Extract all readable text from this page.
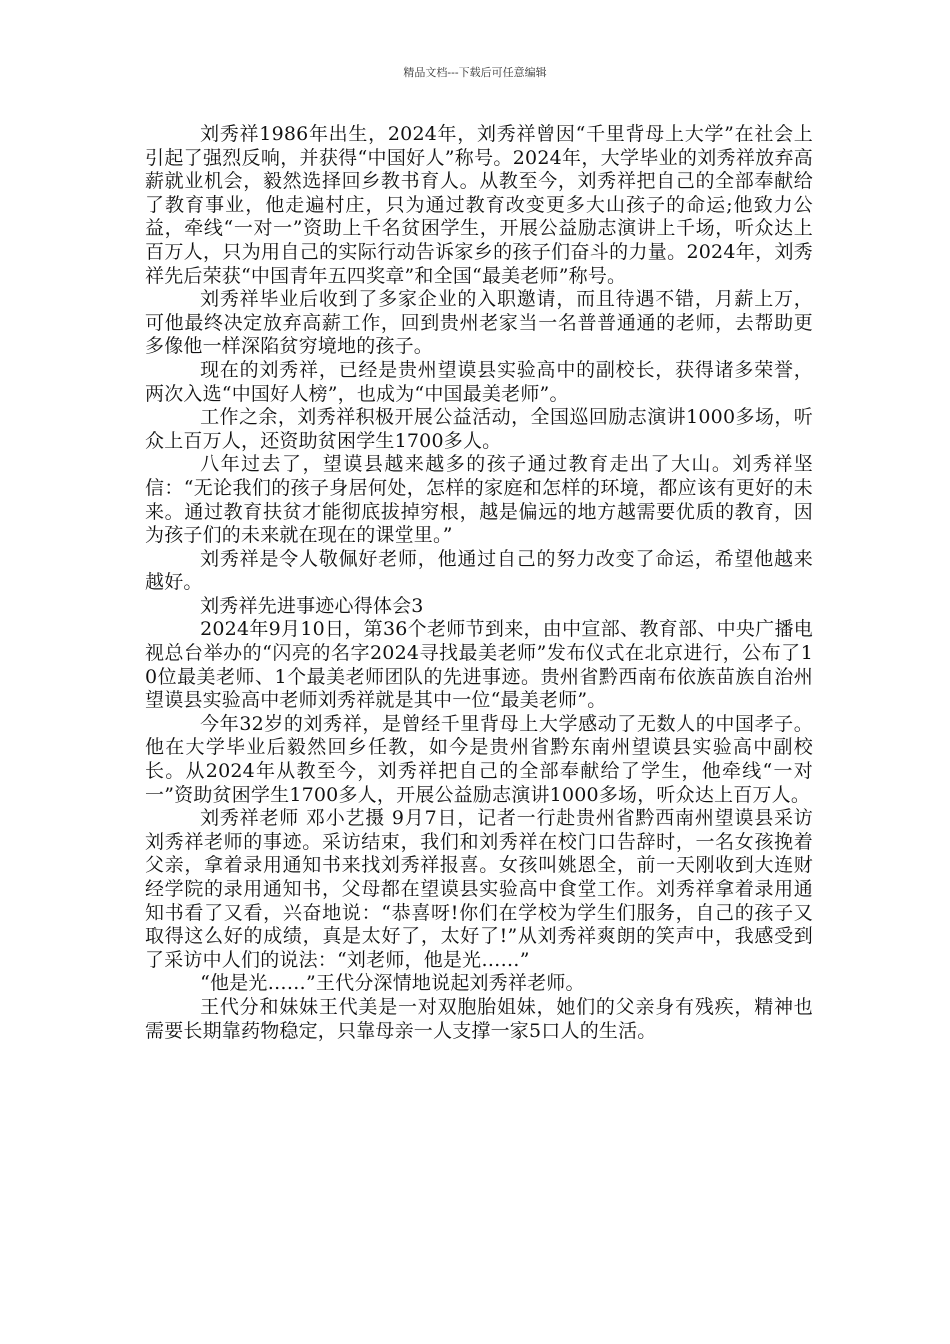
精品文档---下载后可任意编辑

刘秀祥1986年出生，2024年，刘秀祥曾因“千里背母上大学”在社会上引起了强烈反响，并获得“中国好人”称号。2024年，大学毕业的刘秀祥放弃高薪就业机会，毅然选择回乡教书育人。从教至今，刘秀祥把自己的全部奉献给了教育事业，他走遍村庄，只为通过教育改变更多大山孩子的命运;他致力公益，牵线“一对一”资助上千名贫困学生，开展公益励志演讲上千场，听众达上百万人，只为用自己的实际行动告诉家乡的孩子们奋斗的力量。2024年，刘秀祥先后荣获“中国青年五四奖章”和全国“最美老师”称号。

刘秀祥毕业后收到了多家企业的入职邀请，而且待遇不错，月薪上万，可他最终决定放弃高薪工作，回到贵州老家当一名普普通通的老师，去帮助更多像他一样深陷贫穷境地的孩子。

现在的刘秀祥，已经是贵州望谟县实验高中的副校长，获得诸多荣誉，两次入选“中国好人榜”，也成为“中国最美老师”。

工作之余，刘秀祥积极开展公益活动，全国巡回励志演讲1000多场，听众上百万人，还资助贫困学生1700多人。

八年过去了，望谟县越来越多的孩子通过教育走出了大山。刘秀祥坚信：“无论我们的孩子身居何处，怎样的家庭和怎样的环境，都应该有更好的未来。通过教育扶贫才能彻底拔掉穷根，越是偏远的地方越需要优质的教育，因为孩子们的未来就在现在的课堂里。”

刘秀祥是令人敬佩好老师，他通过自己的努力改变了命运，希望他越来越好。

刘秀祥先进事迹心得体会3

2024年9月10日，第36个老师节到来，由中宣部、教育部、中央广播电视总台举办的“闪亮的名字2024寻找最美老师”发布仪式在北京进行，公布了10位最美老师、1个最美老师团队的先进事迹。贵州省黔西南布依族苗族自治州望谟县实验高中老师刘秀祥就是其中一位“最美老师”。

今年32岁的刘秀祥，是曾经千里背母上大学感动了无数人的中国孝子。他在大学毕业后毅然回乡任教，如今是贵州省黔东南州望谟县实验高中副校长。从2024年从教至今，刘秀祥把自己的全部奉献给了学生，他牵线“一对一”资助贫困学生1700多人，开展公益励志演讲1000多场，听众达上百万人。

刘秀祥老师 邓小艺摄 9月7日，记者一行赴贵州省黔西南州望谟县采访刘秀祥老师的事迹。采访结束，我们和刘秀祥在校门口告辞时，一名女孩挽着父亲，拿着录用通知书来找刘秀祥报喜。女孩叫姚恩全，前一天刚收到大连财经学院的录用通知书，父母都在望谟县实验高中食堂工作。刘秀祥拿着录用通知书看了又看，兴奋地说：“恭喜呀!你们在学校为学生们服务，自己的孩子又取得这么好的成绩，真是太好了，太好了!”从刘秀祥爽朗的笑声中，我感受到了采访中人们的说法：“刘老师，他是光……”

“他是光……”王代分深情地说起刘秀祥老师。

王代分和妹妹王代美是一对双胞胎姐妹，她们的父亲身有残疾，精神也需要长期靠药物稳定，只靠母亲一人支撑一家5口人的生活。
